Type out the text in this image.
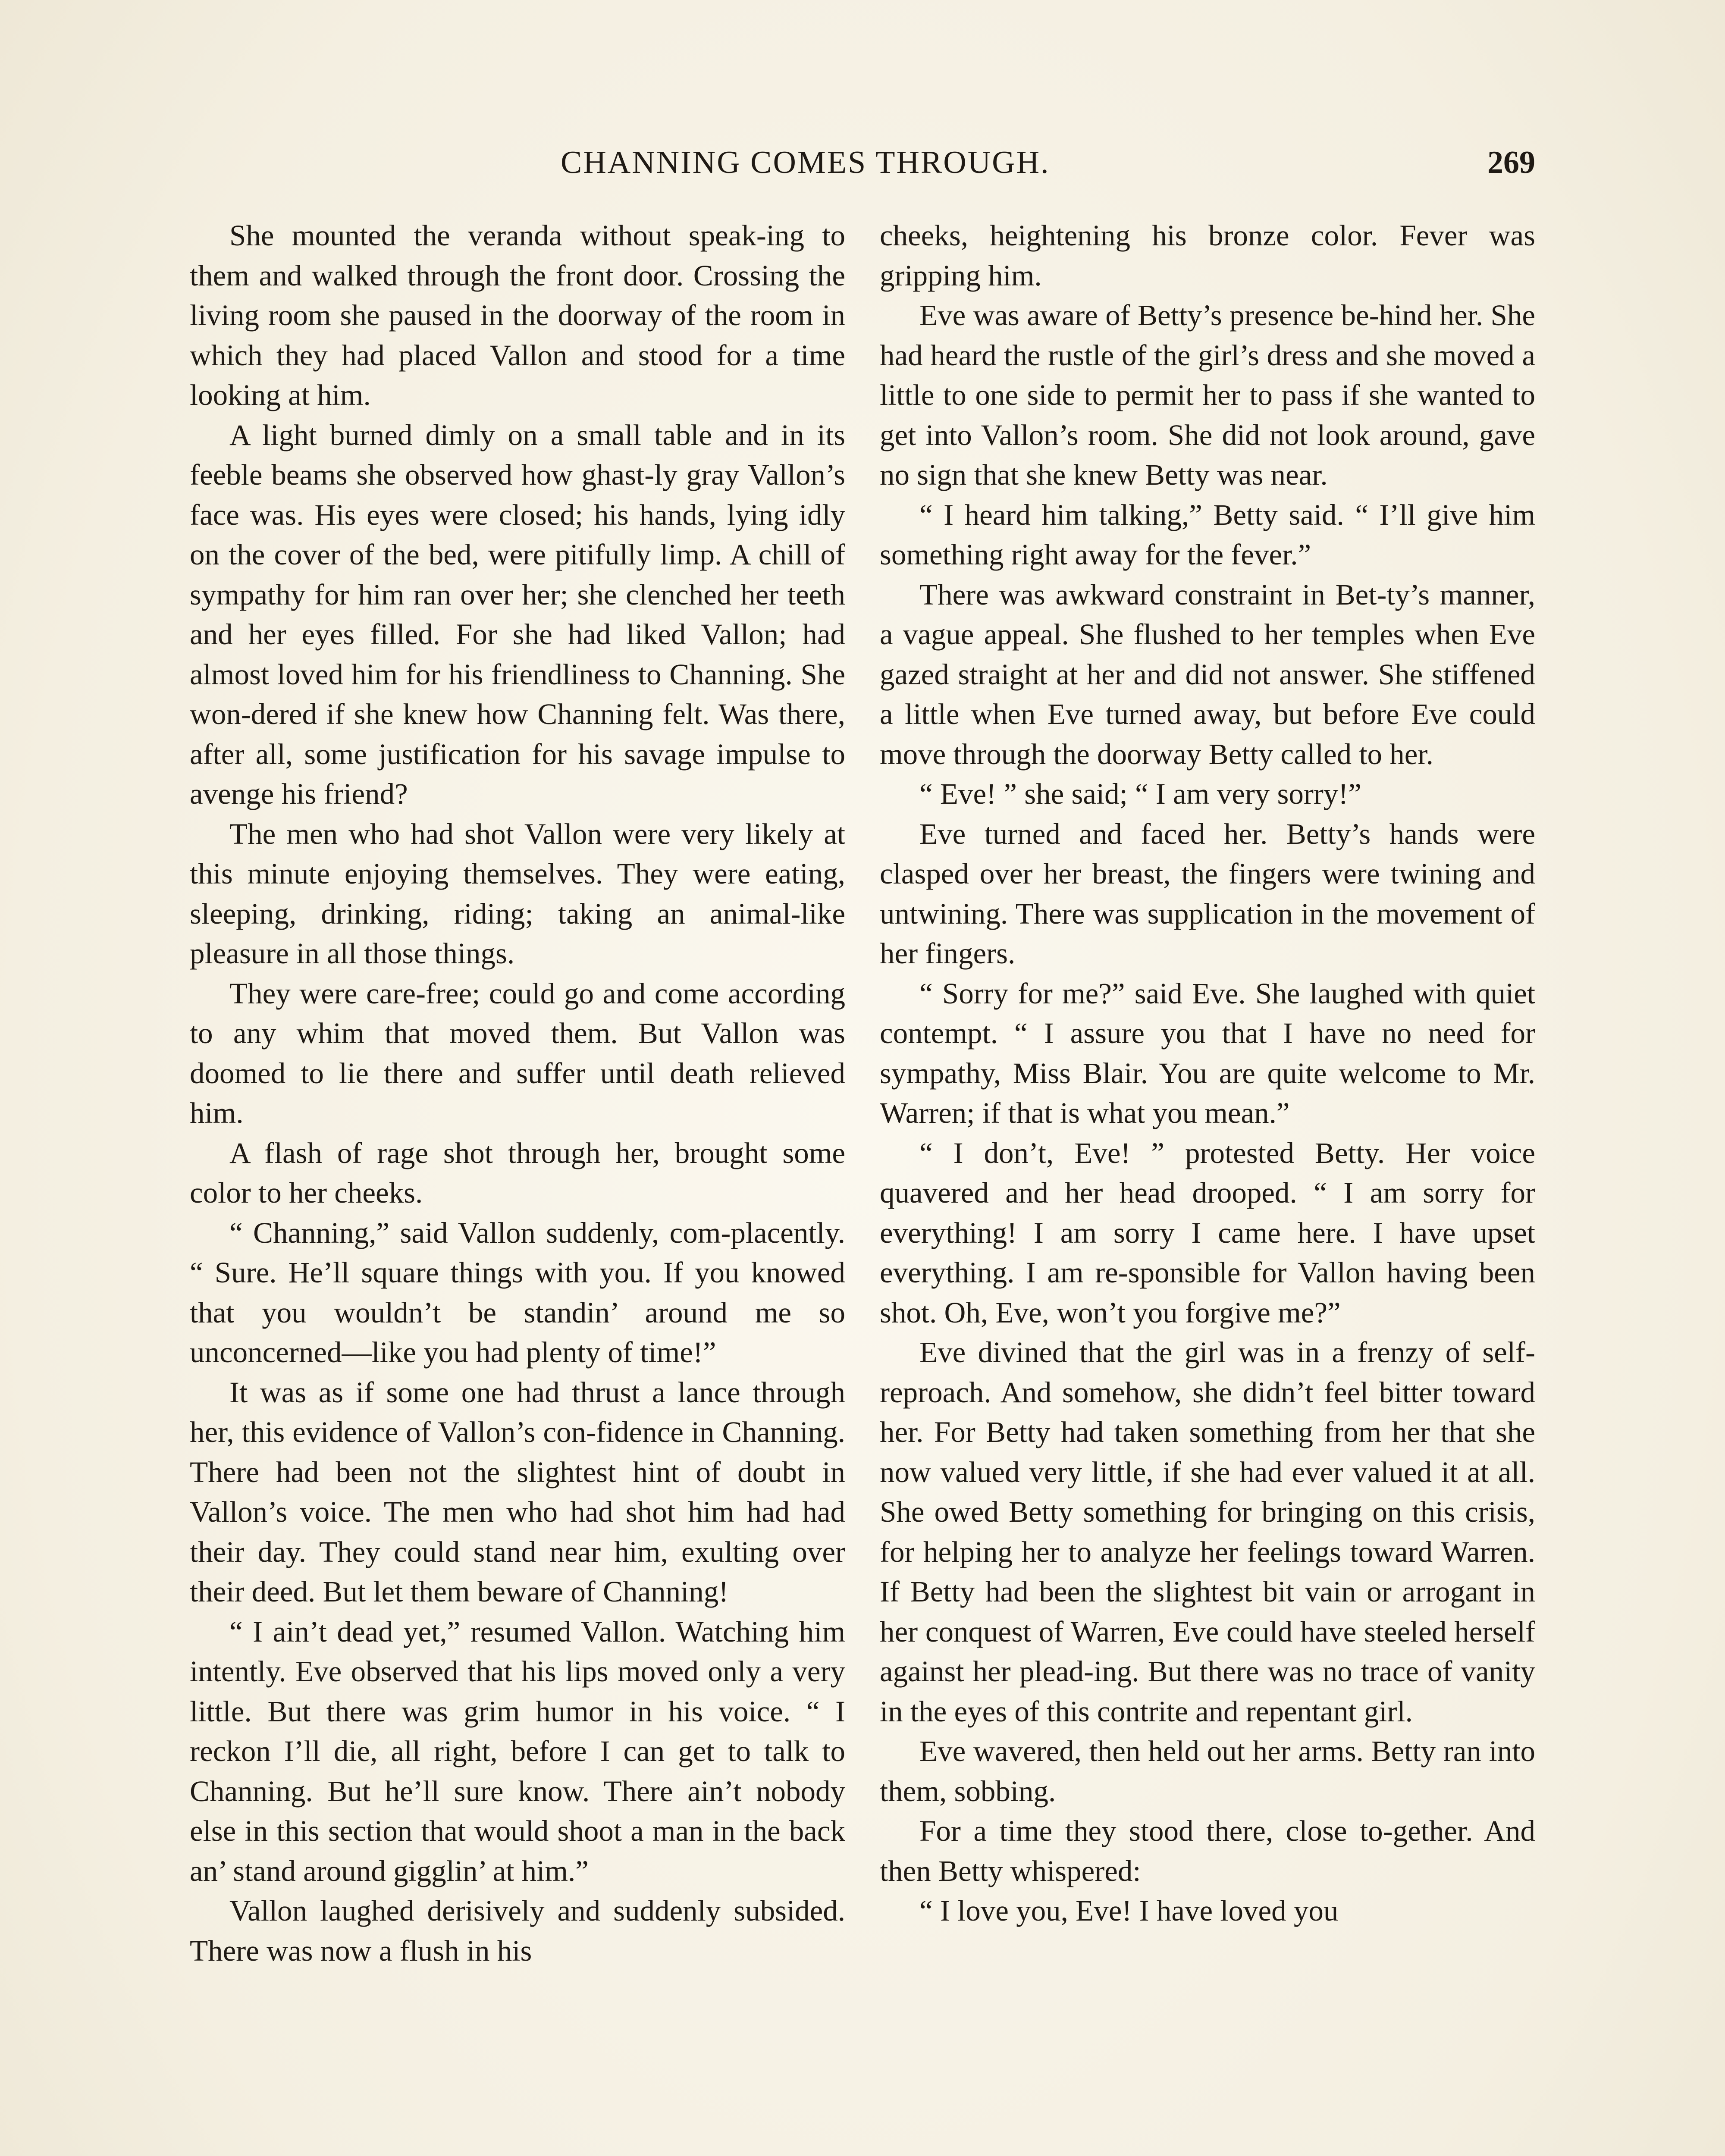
CHANNING COMES THROUGH.	269

She mounted the veranda without speak-ing to them and walked through the front door. Crossing the living room she paused in the doorway of the room in which they had placed Vallon and stood for a time looking at him.

A light burned dimly on a small table and in its feeble beams she observed how ghast-ly gray Vallon’s face was. His eyes were closed; his hands, lying idly on the cover of the bed, were pitifully limp. A chill of sympathy for him ran over her; she clenched her teeth and her eyes filled. For she had liked Vallon; had almost loved him for his friendliness to Channing. She won-dered if she knew how Channing felt. Was there, after all, some justification for his savage impulse to avenge his friend?

The men who had shot Vallon were very likely at this minute enjoying themselves. They were eating, sleeping, drinking, riding; taking an animal-like pleasure in all those things.

They were care-free; could go and come according to any whim that moved them. But Vallon was doomed to lie there and suffer until death relieved him.

A flash of rage shot through her, brought some color to her cheeks.

“ Channing,” said Vallon suddenly, com-placently. “ Sure. He’ll square things with you. If you knowed that you wouldn’t be standin’ around me so unconcerned—like you had plenty of time!”

It was as if some one had thrust a lance through her, this evidence of Vallon’s con-fidence in Channing. There had been not the slightest hint of doubt in Vallon’s voice. The men who had shot him had had their day. They could stand near him, exulting over their deed. But let them beware of Channing!

“ I ain’t dead yet,” resumed Vallon. Watching him intently. Eve observed that his lips moved only a very little. But there was grim humor in his voice. “ I reckon I’ll die, all right, before I can get to talk to Channing. But he’ll sure know. There ain’t nobody else in this section that would shoot a man in the back an’ stand around gigglin’ at him.”

Vallon laughed derisively and suddenly subsided. There was now a flush in his

cheeks, heightening his bronze color. Fever was gripping him.

Eve was aware of Betty’s presence be-hind her. She had heard the rustle of the girl’s dress and she moved a little to one side to permit her to pass if she wanted to get into Vallon’s room. She did not look around, gave no sign that she knew Betty was near.

“ I heard him talking,” Betty said. “ I’ll give him something right away for the fever.”

There was awkward constraint in Bet-ty’s manner, a vague appeal. She flushed to her temples when Eve gazed straight at her and did not answer. She stiffened a little when Eve turned away, but before Eve could move through the doorway Betty called to her.

“ Eve! ” she said; “ I am very sorry!”

Eve turned and faced her. Betty’s hands were clasped over her breast, the fingers were twining and untwining. There was supplication in the movement of her fingers.

“ Sorry for me?” said Eve. She laughed with quiet contempt. “ I assure you that I have no need for sympathy, Miss Blair. You are quite welcome to Mr. Warren; if that is what you mean.”

“ I don’t, Eve! ” protested Betty. Her voice quavered and her head drooped. “ I am sorry for everything! I am sorry I came here. I have upset everything. I am re-sponsible for Vallon having been shot. Oh, Eve, won’t you forgive me?”

Eve divined that the girl was in a frenzy of self-reproach. And somehow, she didn’t feel bitter toward her. For Betty had taken something from her that she now valued very little, if she had ever valued it at all. She owed Betty something for bringing on this crisis, for helping her to analyze her feelings toward Warren. If Betty had been the slightest bit vain or arrogant in her conquest of Warren, Eve could have steeled herself against her plead-ing. But there was no trace of vanity in the eyes of this contrite and repentant girl.

Eve wavered, then held out her arms. Betty ran into them, sobbing.

For a time they stood there, close to-gether. And then Betty whispered:

“ I love you, Eve! I have loved you
